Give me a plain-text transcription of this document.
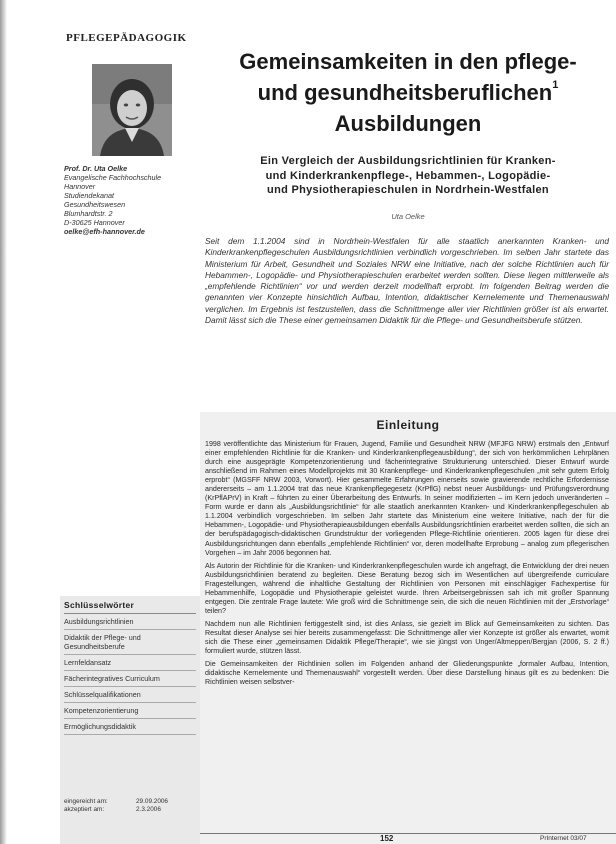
PFLEGEPÄDAGOGIK
Prof. Dr. Uta Oelke
Evangelische Fachhochschule
Hannover
Studiendekanat
Gesundheitswesen
Blumhardtstr. 2
D-30625 Hannover
oelke@efh-hannover.de
Gemeinsamkeiten in den pflege-
und gesundheitsberuflichen$^1$
Ausbildungen
Ein Vergleich der Ausbildungsrichtlinien für Kranken-
und Kinderkrankenpflege-, Hebammen-, Logopädie-
und Physiotherapieschulen in Nordrhein-Westfalen
Uta Oelke
Seit dem 1.1.2004 sind in Nordrhein-Westfalen für alle staatlich anerkannten Kranken- und Kinderkrankenpflegeschulen Ausbildungsrichtlinien verbindlich vorgeschrieben. Im selben Jahr startete das Ministerium für Arbeit, Gesundheit und Soziales NRW eine Initiative, nach der solche Richtlinien auch für Hebammen-, Logopädie- und Physiotherapieschulen erarbeitet werden sollten. Diese liegen mittlerweile als „empfehlende Richtlinien“ vor und werden derzeit modellhaft erprobt. Im folgenden Beitrag werden die genannten vier Konzepte hinsichtlich Aufbau, Intention, didaktischer Kernelemente und Themenauswahl verglichen. Im Ergebnis ist festzustellen, dass die Schnittmenge aller vier Richtlinien größer ist als erwartet. Damit lässt sich die These einer gemeinsamen Didaktik für die Pflege- und Gesundheitsberufe stützen.
Einleitung

1998 veröffentlichte das Ministerium für Frauen, Jugend, Familie und Gesundheit NRW (MFJFG NRW) erstmals den „Entwurf einer empfehlenden Richtlinie für die Kranken- und Kinderkrankenpflegeausbildung“, der sich von herkömmlichen Lehrplänen durch eine ausgeprägte Kompetenzorientierung und fächerintegrative Strukturierung unterschied. Dieser Entwurf wurde anschließend im Rahmen eines Modellprojekts mit 30 Krankenpflege- und Kinderkrankenpflegeschulen „mit sehr gutem Erfolg erprobt“ (MGSFF NRW 2003, Vorwort). Hier gesammelte Erfahrungen einerseits sowie gravierende rechtliche Erfordernisse andererseits – am 1.1.2004 trat das neue Krankenpflegegesetz (KrPflG) nebst neuer Ausbildungs- und Prüfungsverordnung (KrPflAPrV) in Kraft – führten zu einer Überarbeitung des Entwurfs. In seiner modifizierten – im Kern jedoch unveränderten – Form wurde er dann als „Ausbildungsrichtlinie“ für alle staatlich anerkannten Kranken- und Kinderkrankenpflegeschulen ab 1.1.2004 verbindlich vorgeschrieben. Im selben Jahr startete das Ministerium eine weitere Initiative, nach der für die Hebammen-, Logopädie- und Physiotherapieausbildungen ebenfalls Ausbildungsrichtlinien erarbeitet werden sollten, die sich an der berufspädagogisch-didaktischen Grundstruktur der vorliegenden Pflege-Richtlinie orientieren. 2005 lagen für diese drei Ausbildungsrichtungen dann ebenfalls „empfehlende Richtlinien“ vor, deren modellhafte Erprobung – analog zum pflegerischen Vorgehen – im Jahr 2006 begonnen hat.

Als Autorin der Richtlinie für die Kranken- und Kinderkrankenpflegeschulen wurde ich angefragt, die Entwicklung der drei neuen Ausbildungsrichtlinien beratend zu begleiten. Diese Beratung bezog sich im Wesentlichen auf übergreifende curriculare Fragestellungen, während die inhaltliche Gestaltung der Richtlinien von Personen mit einschlägiger Fachexpertise für Hebammenhilfe, Logopädie und Physiotherapie geleistet wurde. Ihren Arbeitsergebnissen sah ich mit großer Spannung entgegen. Die zentrale Frage lautete: Wie groß wird die Schnittmenge sein, die sich die neuen Richtlinien mit der „Erstvorlage“ teilen?

Nachdem nun alle Richtlinien fertiggestellt sind, ist dies Anlass, sie gezielt im Blick auf Gemeinsamkeiten zu sichten. Das Resultat dieser Analyse sei hier bereits zusammengefasst: Die Schnittmenge aller vier Konzepte ist größer als erwartet, womit sich die These einer „gemeinsamen Didaktik Pflege/Therapie“, wie sie jüngst von Unger/Altmeppen/Bergjan (2006, S. 2 ff.) formuliert wurde, stützen lässt.

Die Gemeinsamkeiten der Richtlinien sollen im Folgenden anhand der Gliederungspunkte „formaler Aufbau, Intention, didaktische Kernelemente und Themenauswahl“ vorgestellt werden. Über diese Darstellung hinaus gilt es zu bedenken: Die Richtlinien weisen selbstver-

Schlüsselwörter
Ausbildungsrichtlinien
Didaktik der Pflege- und Gesundheitsberufe
Lernfeldansatz
Fächerintegratives Curriculum
Schlüsselqualifikationen
Kompetenzorientierung
Ermöglichungsdidaktik
eingereicht am:	29.09.2006
akzeptiert am:	2.3.2006
152	PrInternet 03/07
